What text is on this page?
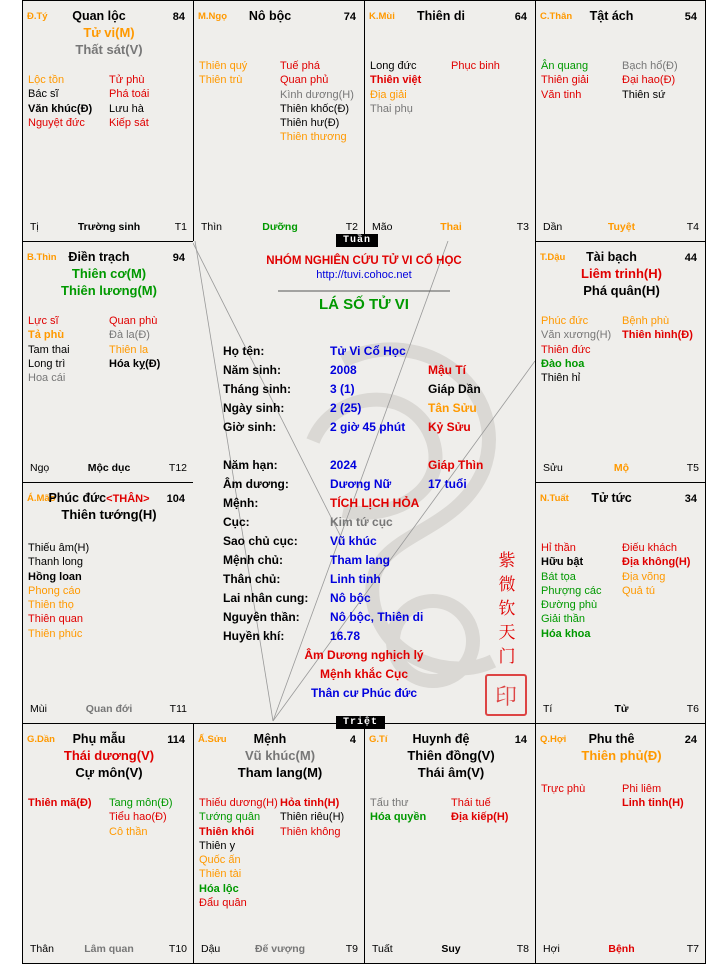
Đ.Tý	Quan lộc	84
Tử vi(M)
Thất sát(V)
Lộc tồn
Bác sĩ
Văn khúc(Đ)
Nguyệt đức
Tử phù
Phá toái
Lưu hà
Kiếp sát
Tị	Trường sinh	T1
M.Ngọ	Nô bộc	74
Thiên quý
Thiên trù
Tuế phá
Quan phủ
Kình dương(H)
Thiên khốc(Đ)
Thiên hư(Đ)
Thiên thương
Thìn	Dưỡng	T2
K.Mùi	Thiên di	64
Long đức
Thiên việt
Địa giải
Thai phụ
Phục binh
Mão	Thai	T3
C.Thân	Tật ách	54
Ân quang
Thiên giải
Văn tinh
Bạch hổ(Đ)
Đại hao(Đ)
Thiên sứ
Dần	Tuyệt	T4
B.Thìn Điền trạch	94
Thiên cơ(M)
Thiên lương(M)
Lực sĩ
Tả phù
Tam thai
Long trì
Hoa cái
Quan phù
Đà la(Đ)
Thiên la
Hóa kỵ(Đ)
Ngọ	Mộc dục	T12
T.Dậu	Tài bạch	44
Liêm trinh(H)
Phá quân(H)
Phúc đức
Văn xương(H)
Thiên đức
Đào hoa
Thiên hỉ
Bệnh phù
Thiên hình(Đ)
Sửu	Mộ	T5
Á.Mão
Phúc đức<THÂN>	104
Thiên tướng(H)
Thiếu âm(H)
Thanh long
Hồng loan
Phong cáo
Thiên thọ
Thiên quan
Thiên phúc
Mùi	Quan đới	T11
N.Tuất	Tử tức	34
Hỉ thần
Hữu bật
Bát tọa
Phượng các
Đường phù
Giải thần
Hóa khoa
Điếu khách
Địa không(H)
Địa võng
Quả tú
Tí	Tử	T6
G.Dần	Phụ mẫu	114
Thái dương(V)
Cự môn(V)
Thiên mã(Đ) Tang môn(Đ)
Tiểu hao(Đ)
Cô thần
Thân	Lâm quan	T10
Ấ.Sửu	Mệnh	4
Vũ khúc(M)
Tham lang(M)
Thiếu dương(H)
Tướng quân
Thiên khôi
Thiên y
Quốc ấn
Thiên tài
Hóa lộc
Đẩu quân
Hỏa tinh(H)
Thiên riêu(H)
Thiên không
Dậu	Đế vượng	T9
G.Tí	Huynh đệ	14
Thiên đồng(V)
Thái âm(V)
Tấu thư
Hóa quyền
Thái tuế
Địa kiếp(H)
Tuất	Suy	T8
Q.Hợi	Phu thê	24
Thiên phủ(Đ)
Trực phù	Phi liêm
Linh tinh(H)
Hợi	Bệnh	T7
NHÓM NGHIÊN CỨU TỬ VI CỔ HỌC
http://tuvi.cohoc.net
LÁ SỐ TỬ VI
Họ tên:	Tử Vi Cổ Học
Năm sinh:	2008	Mậu Tí
Tháng sinh:	3 (1)	Giáp Dần
Ngày sinh:	2 (25)	Tân Sửu
Giờ sinh:	2 giờ 45 phút Kỷ Sửu
Năm hạn:	2024	Giáp Thìn
Âm dương:	Dương Nữ	17 tuổi
Mệnh:	TÍCH LỊCH HỎA
Cục:	Kim tứ cục
Sao chủ cục:	Vũ khúc
Mệnh chủ:	Tham lang
Thân chủ:	Linh tinh
Lai nhân cung: Nô bộc
Nguyên thần:	Nô bộc, Thiên di
Huyền khí:	16.78
Âm Dương nghịch lý
Mệnh khắc Cục
Thân cư Phúc đức
紫
微
钦
天
门
印
Tuần
Triệt
